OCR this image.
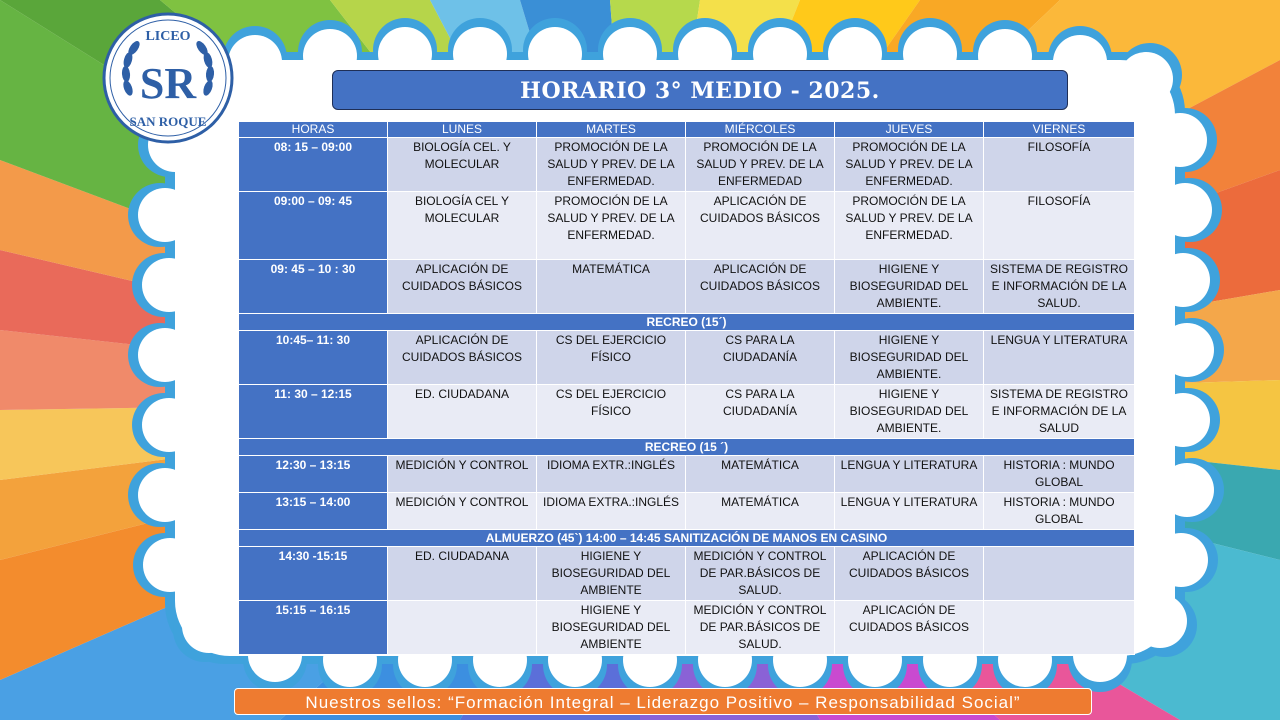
LICEO
SR
SAN ROQUE
HORARIO 3° MEDIO - 2025.
HORAS	LUNES	MARTES	MIÉRCOLES	JUEVES	VIERNES
08: 15 – 09:00	BIOLOGÍA CEL. Y MOLECULAR	PROMOCIÓN DE LA SALUD Y PREV. DE LA ENFERMEDAD.	PROMOCIÓN DE LA SALUD Y PREV. DE LA ENFERMEDAD	PROMOCIÓN DE LA SALUD Y PREV. DE LA ENFERMEDAD.	FILOSOFÍA
09:00 – 09: 45	BIOLOGÍA CEL Y MOLECULAR	PROMOCIÓN DE LA SALUD Y PREV. DE LA ENFERMEDAD.	APLICACIÓN DE CUIDADOS BÁSICOS	PROMOCIÓN DE LA SALUD Y PREV. DE LA ENFERMEDAD.	FILOSOFÍA
09: 45 – 10 : 30	APLICACIÓN DE CUIDADOS BÁSICOS	MATEMÁTICA	APLICACIÓN DE CUIDADOS BÁSICOS	HIGIENE Y BIOSEGURIDAD DEL AMBIENTE.	SISTEMA DE REGISTRO E INFORMACIÓN DE LA SALUD.
RECREO (15´)					
10:45– 11: 30	APLICACIÓN DE CUIDADOS BÁSICOS	CS DEL EJERCICIO FÍSICO	CS PARA LA CIUDADANÍA	HIGIENE Y BIOSEGURIDAD DEL AMBIENTE.	LENGUA Y LITERATURA
11: 30 – 12:15	ED. CIUDADANA	CS DEL EJERCICIO FÍSICO	CS PARA LA CIUDADANÍA	HIGIENE Y BIOSEGURIDAD DEL AMBIENTE.	SISTEMA DE REGISTRO E INFORMACIÓN DE LA SALUD
RECREO (15 ´)					
12:30 – 13:15	MEDICIÓN Y CONTROL	IDIOMA EXTR.:INGLÉS	MATEMÁTICA	LENGUA Y LITERATURA	HISTORIA : MUNDO GLOBAL
13:15 – 14:00	MEDICIÓN Y CONTROL	IDIOMA EXTRA.:INGLÉS	MATEMÁTICA	LENGUA Y LITERATURA	HISTORIA : MUNDO GLOBAL
ALMUERZO (45`) 14:00 – 14:45 SANITIZACIÓN DE MANOS EN CASINO					
14:30 -15:15	ED. CIUDADANA	HIGIENE Y BIOSEGURIDAD DEL AMBIENTE	MEDICIÓN Y CONTROL DE PAR.BÁSICOS DE SALUD.	APLICACIÓN DE CUIDADOS BÁSICOS	
15:15 – 16:15		HIGIENE Y BIOSEGURIDAD DEL AMBIENTE	MEDICIÓN Y CONTROL DE PAR.BÁSICOS DE SALUD.	APLICACIÓN DE CUIDADOS BÁSICOS	
Nuestros sellos: “Formación Integral – Liderazgo Positivo – Responsabilidad Social”
